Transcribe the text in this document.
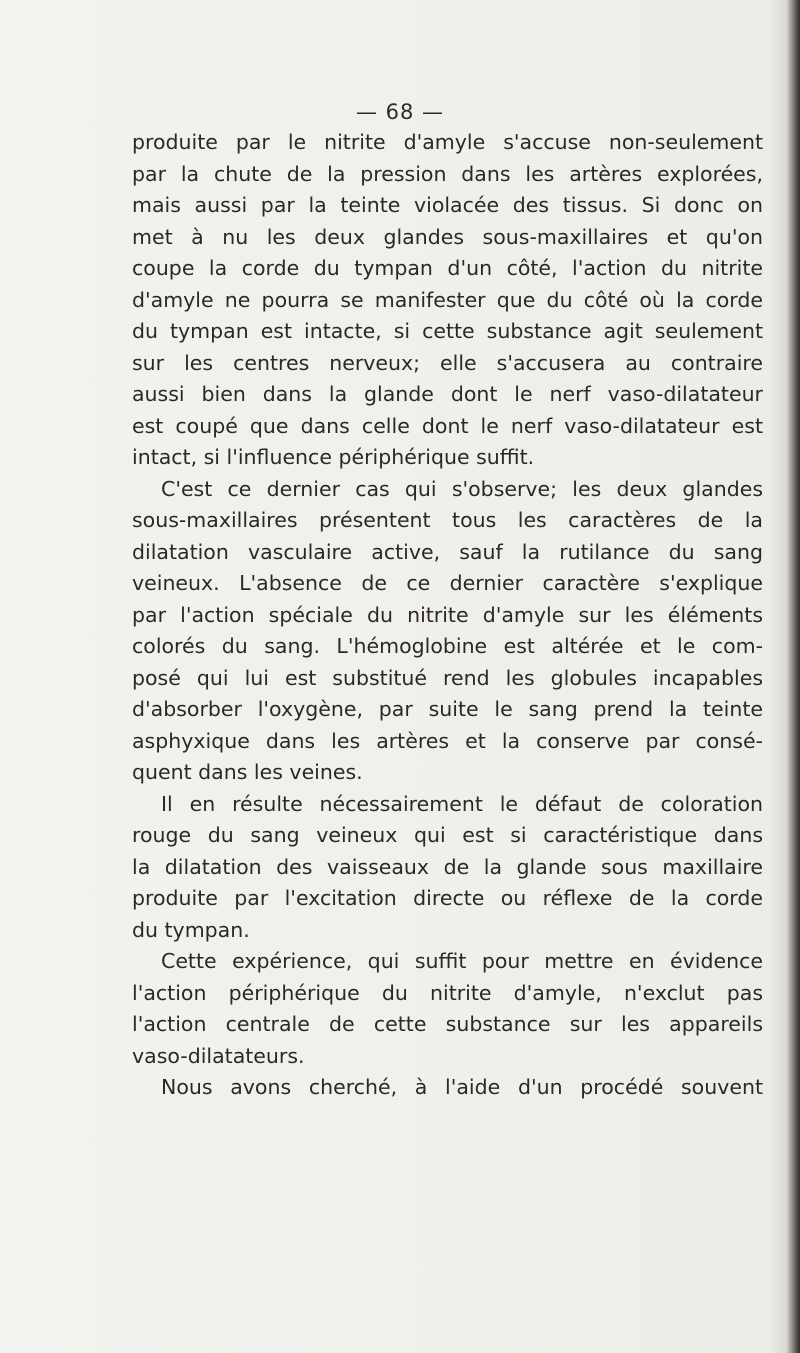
— 68 —
produite par le nitrite d'amyle s'accuse non-seulement
par la chute de la pression dans les artères explorées,
mais aussi par la teinte violacée des tissus. Si donc on
met à nu les deux glandes sous-maxillaires et qu'on
coupe la corde du tympan d'un côté, l'action du nitrite
d'amyle ne pourra se manifester que du côté où la corde
du tympan est intacte, si cette substance agit seulement
sur les centres nerveux; elle s'accusera au contraire
aussi bien dans la glande dont le nerf vaso-dilatateur
est coupé que dans celle dont le nerf vaso-dilatateur est
intact, si l'influence périphérique suffit.
C'est ce dernier cas qui s'observe; les deux glandes
sous-maxillaires présentent tous les caractères de la
dilatation vasculaire active, sauf la rutilance du sang
veineux. L'absence de ce dernier caractère s'explique
par l'action spéciale du nitrite d'amyle sur les éléments
colorés du sang. L'hémoglobine est altérée et le com-
posé qui lui est substitué rend les globules incapables
d'absorber l'oxygène, par suite le sang prend la teinte
asphyxique dans les artères et la conserve par consé-
quent dans les veines.
Il en résulte nécessairement le défaut de coloration
rouge du sang veineux qui est si caractéristique dans
la dilatation des vaisseaux de la glande sous maxillaire
produite par l'excitation directe ou réflexe de la corde
du tympan.
Cette expérience, qui suffit pour mettre en évidence
l'action périphérique du nitrite d'amyle, n'exclut pas
l'action centrale de cette substance sur les appareils
vaso-dilatateurs.
Nous avons cherché, à l'aide d'un procédé souvent
